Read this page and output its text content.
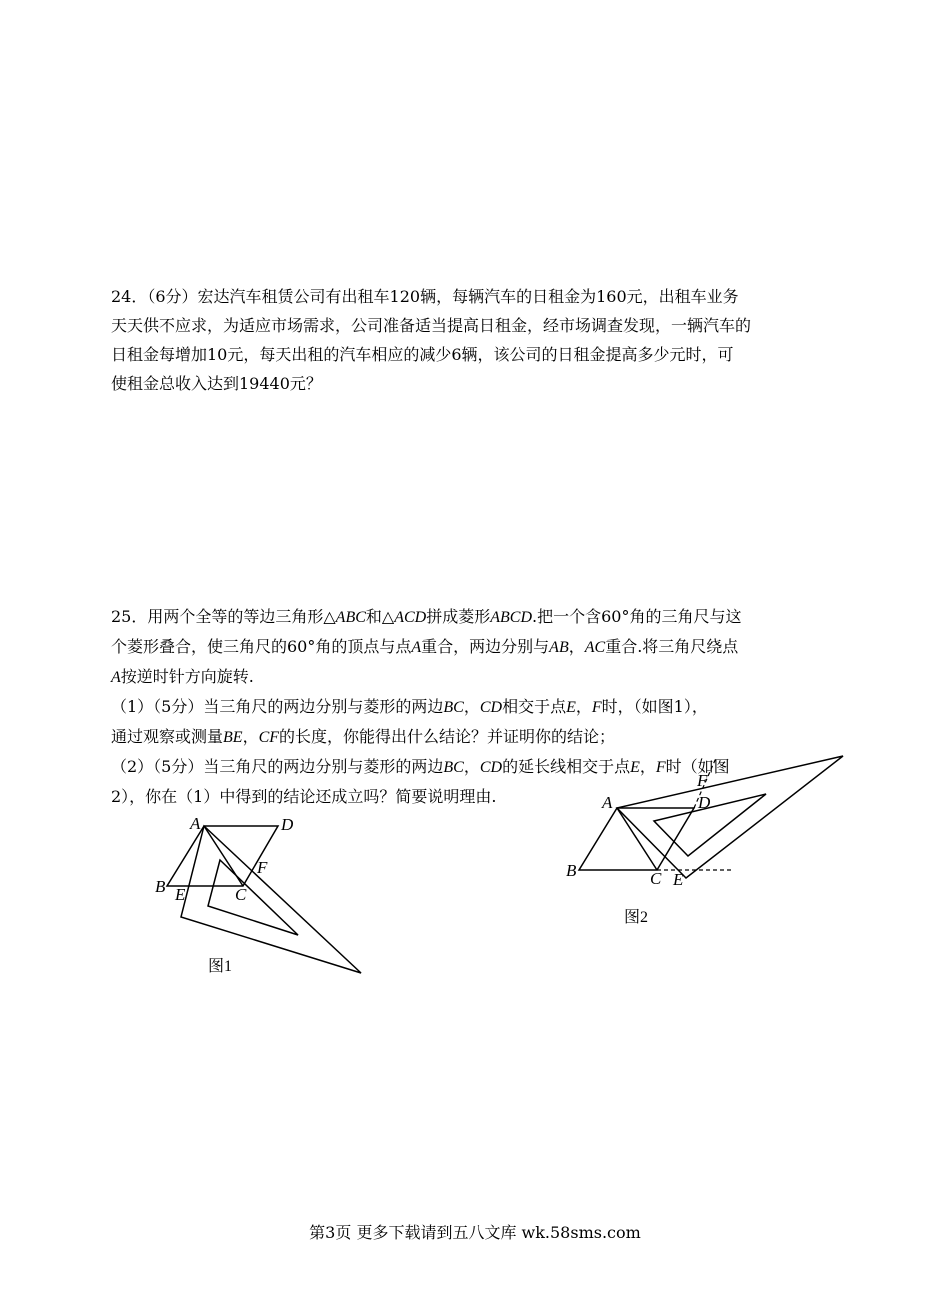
24．（6分）宏达汽车租赁公司有出租车120辆，每辆汽车的日租金为160元，出租车业务
天天供不应求，为适应市场需求，公司准备适当提高日租金，经市场调查发现，一辆汽车的
日租金每增加10元，每天出租的汽车相应的减少6辆，该公司的日租金提高多少元时，可
使租金总收入达到19440元？
25．用两个全等的等边三角形△ABC和△ACD拼成菱形ABCD.把一个含60°角的三角尺与这
个菱形叠合，使三角尺的60°角的顶点与点A重合，两边分别与AB，AC重合.将三角尺绕点
A按逆时针方向旋转.
（1）（5分）当三角尺的两边分别与菱形的两边BC，CD相交于点E，F时，（如图1），
通过观察或测量BE，CF的长度，你能得出什么结论？并证明你的结论；
（2）（5分）当三角尺的两边分别与菱形的两边BC，CD的延长线相交于点E，F时（如图
2），你在（1）中得到的结论还成立吗？简要说明理由.
A	D
F
B E	C
图1
F
A	D
B	C E
图2
第3页 更多下载请到五八文库 wk.58sms.com
